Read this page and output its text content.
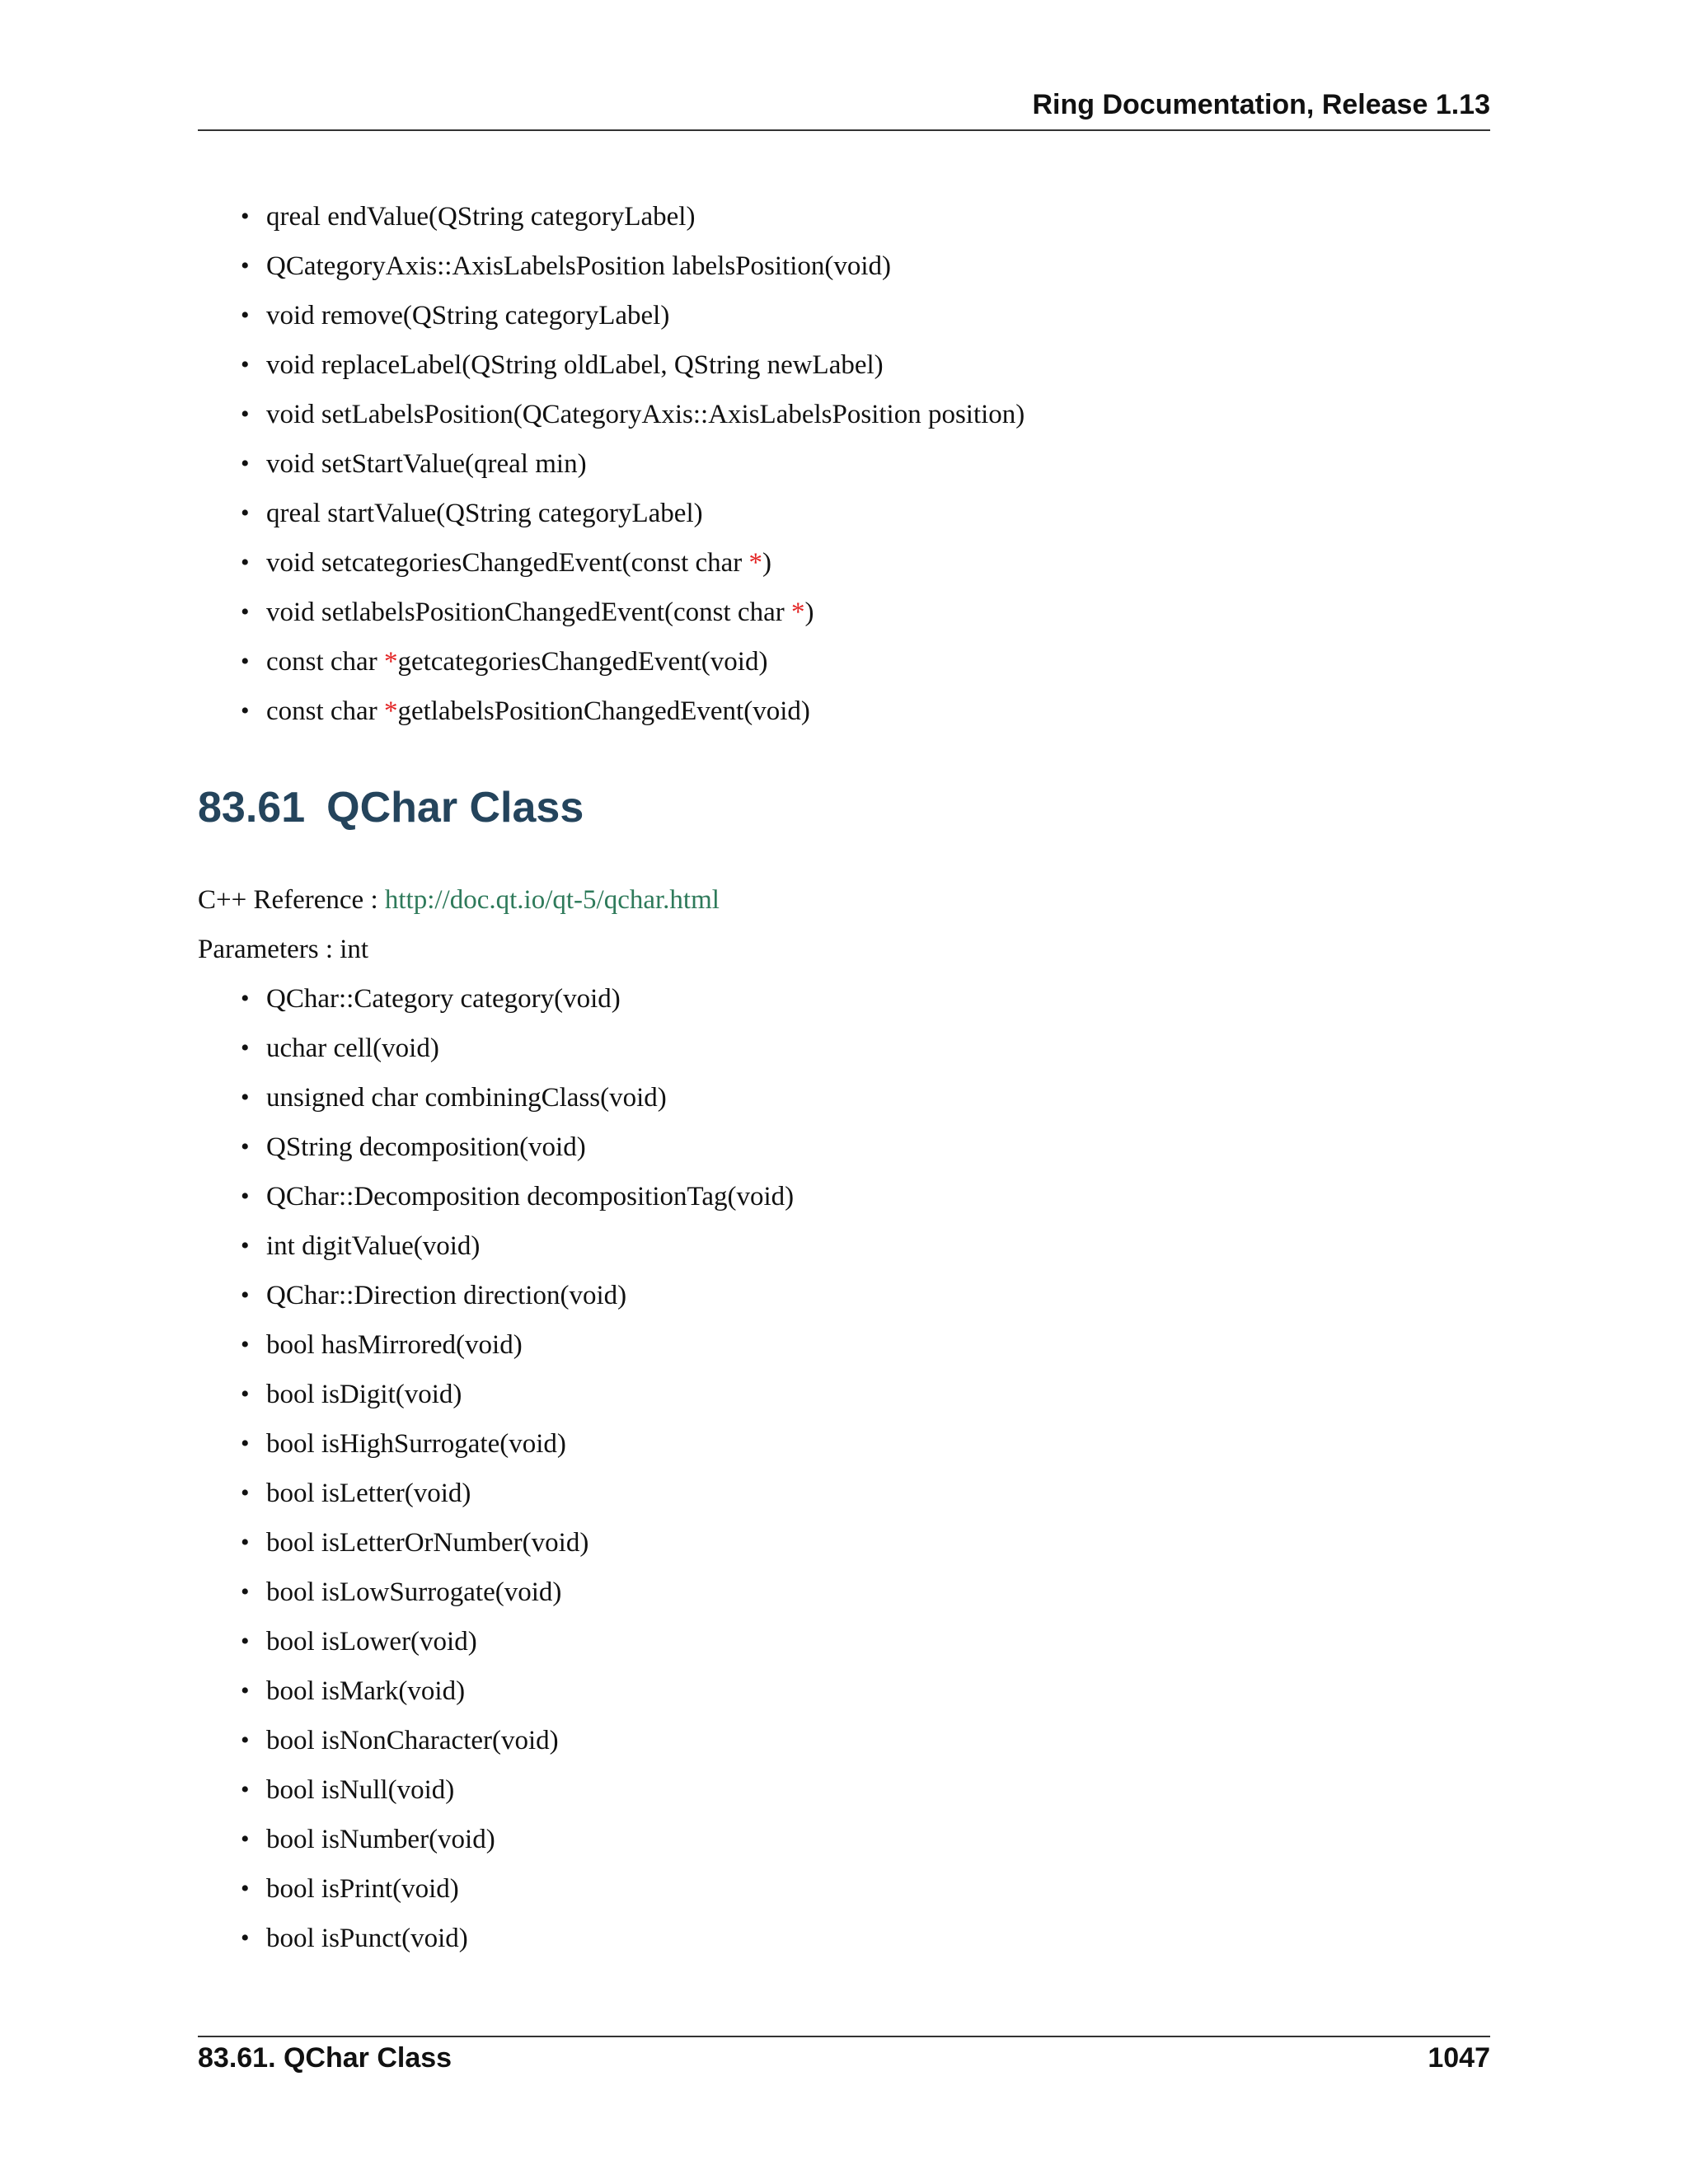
Ring Documentation, Release 1.13
• qreal endValue(QString categoryLabel)
• QCategoryAxis::AxisLabelsPosition labelsPosition(void)
• void remove(QString categoryLabel)
• void replaceLabel(QString oldLabel, QString newLabel)
• void setLabelsPosition(QCategoryAxis::AxisLabelsPosition position)
• void setStartValue(qreal min)
• qreal startValue(QString categoryLabel)
• void setcategoriesChangedEvent(const char *)
• void setlabelsPositionChangedEvent(const char *)
• const char *getcategoriesChangedEvent(void)
• const char *getlabelsPositionChangedEvent(void)
83.61 QChar Class
C++ Reference : http://doc.qt.io/qt-5/qchar.html
Parameters : int
• QChar::Category category(void)
• uchar cell(void)
• unsigned char combiningClass(void)
• QString decomposition(void)
• QChar::Decomposition decompositionTag(void)
• int digitValue(void)
• QChar::Direction direction(void)
• bool hasMirrored(void)
• bool isDigit(void)
• bool isHighSurrogate(void)
• bool isLetter(void)
• bool isLetterOrNumber(void)
• bool isLowSurrogate(void)
• bool isLower(void)
• bool isMark(void)
• bool isNonCharacter(void)
• bool isNull(void)
• bool isNumber(void)
• bool isPrint(void)
• bool isPunct(void)
83.61. QChar Class	1047
